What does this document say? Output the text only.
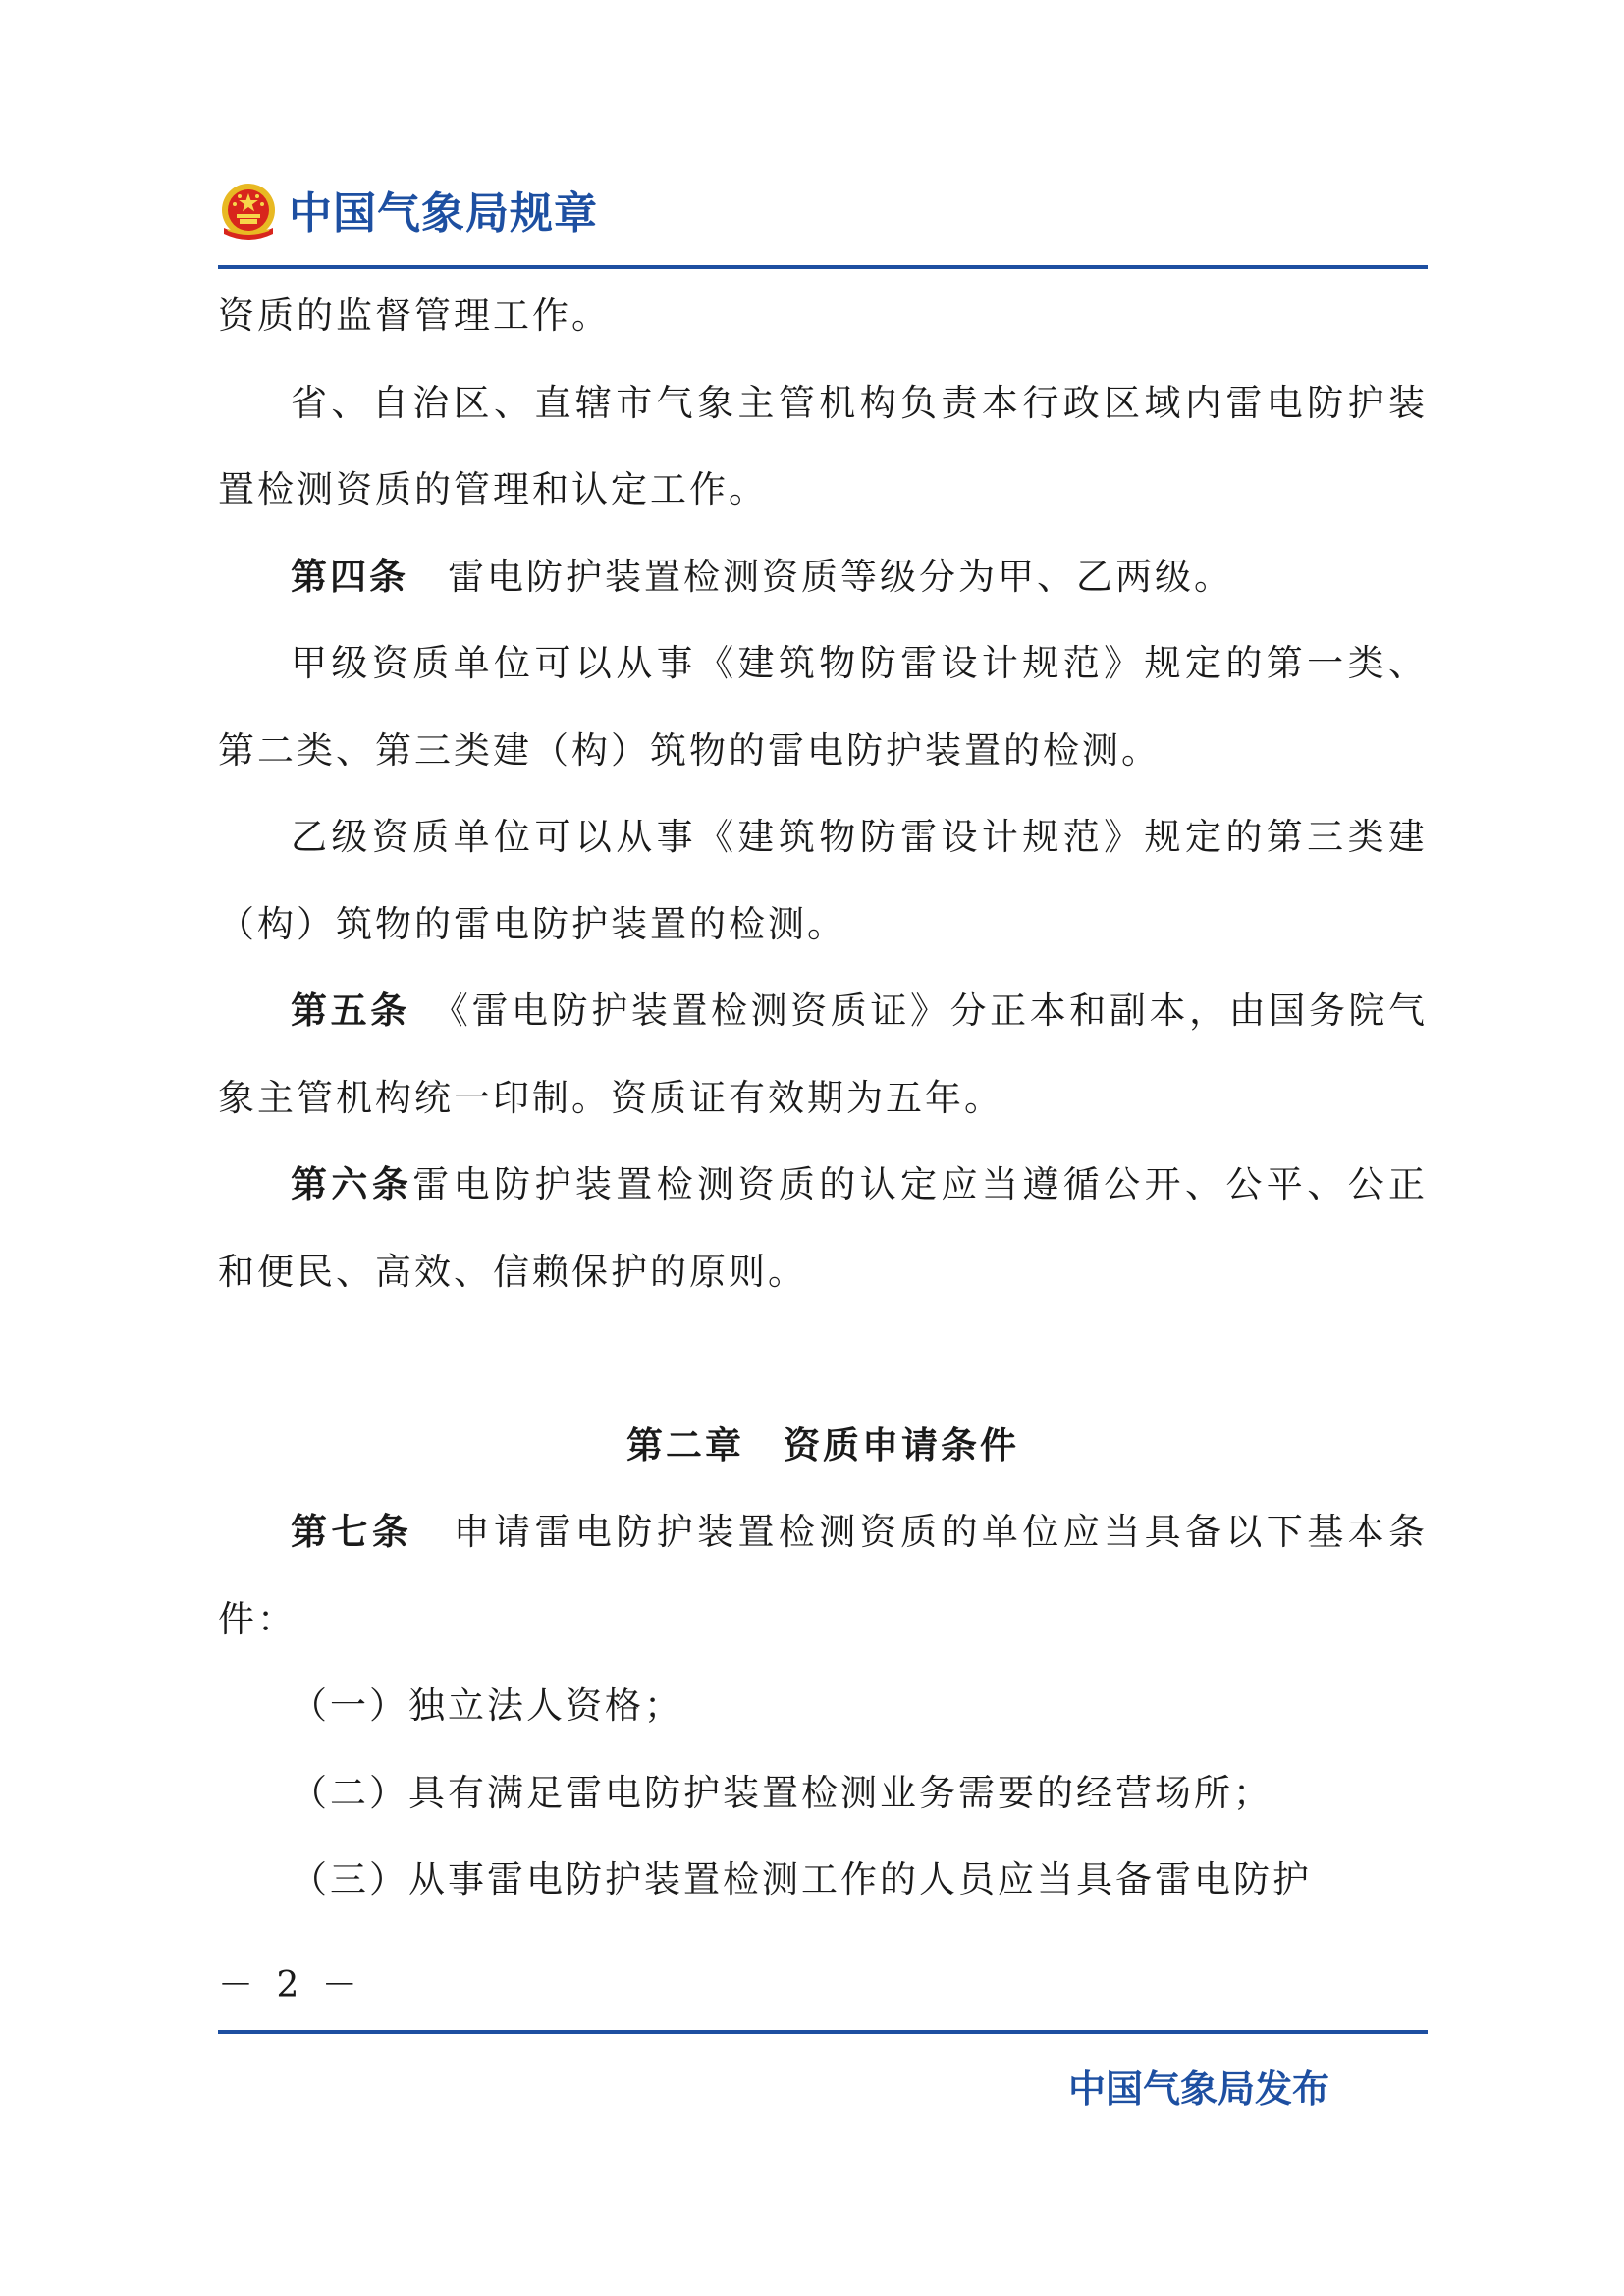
中国气象局规章

资质的监督管理工作。

省、自治区、直辖市气象主管机构负责本行政区域内雷电防护装置检测资质的管理和认定工作。

第四条　雷电防护装置检测资质等级分为甲、乙两级。

甲级资质单位可以从事《建筑物防雷设计规范》规定的第一类、第二类、第三类建（构）筑物的雷电防护装置的检测。

乙级资质单位可以从事《建筑物防雷设计规范》规定的第三类建（构）筑物的雷电防护装置的检测。

第五条　《雷电防护装置检测资质证》分正本和副本，由国务院气象主管机构统一印制。资质证有效期为五年。

第六条雷电防护装置检测资质的认定应当遵循公开、公平、公正和便民、高效、信赖保护的原则。

第二章　资质申请条件

第七条　申请雷电防护装置检测资质的单位应当具备以下基本条件：

（一）独立法人资格；

（二）具有满足雷电防护装置检测业务需要的经营场所；

（三）从事雷电防护装置检测工作的人员应当具备雷电防护

－ 2 －
中国气象局发布
